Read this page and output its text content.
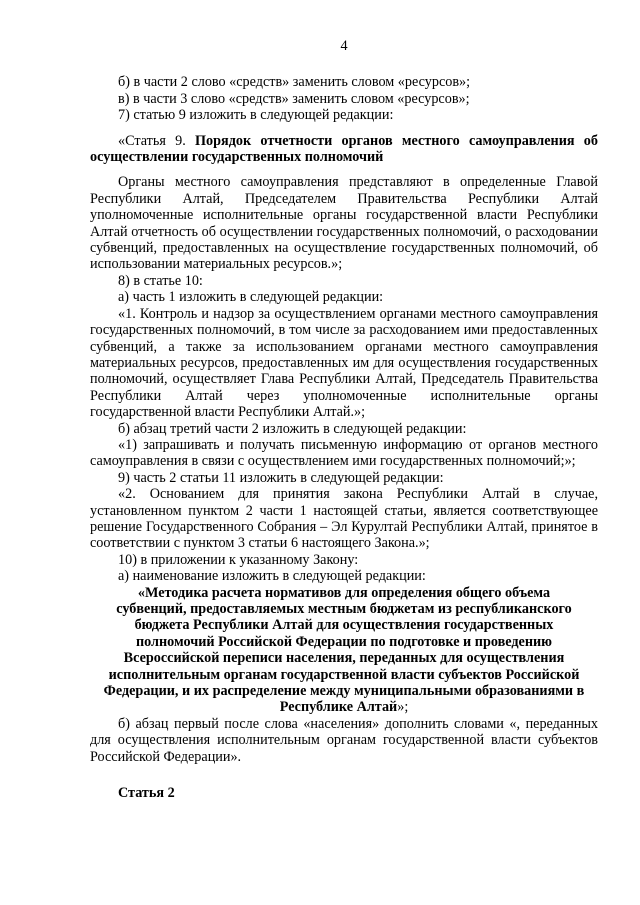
4

б) в части 2 слово «средств» заменить словом «ресурсов»;

в) в части 3 слово «средств» заменить словом «ресурсов»;

7) статью 9 изложить в следующей редакции:

«Статья 9. Порядок отчетности органов местного самоуправления об осуществлении государственных полномочий

Органы местного самоуправления представляют в определенные Главой Республики Алтай, Председателем Правительства Республики Алтай уполномоченные исполнительные органы государственной власти Республики Алтай отчетность об осуществлении государственных полномочий, о расходовании субвенций, предоставленных на осуществление государственных полномочий, об использовании материальных ресурсов.»;

8) в статье 10:

а) часть 1 изложить в следующей редакции:

«1. Контроль и надзор за осуществлением органами местного самоуправления государственных полномочий, в том числе за расходованием ими предоставленных субвенций, а также за использованием органами местного самоуправления материальных ресурсов, предоставленных им для осуществления государственных полномочий, осуществляет Глава Республики Алтай, Председатель Правительства Республики Алтай через уполномоченные исполнительные органы государственной власти Республики Алтай.»;

б) абзац третий части 2 изложить в следующей редакции:

«1) запрашивать и получать письменную информацию от органов местного самоуправления в связи с осуществлением ими государственных полномочий;»;

9) часть 2 статьи 11 изложить в следующей редакции:

«2. Основанием для принятия закона Республики Алтай в случае, установленном пунктом 2 части 1 настоящей статьи, является соответствующее решение Государственного Собрания – Эл Курултай Республики Алтай, принятое в соответствии с пунктом 3 статьи 6 настоящего Закона.»;

10) в приложении к указанному Закону:

а) наименование изложить в следующей редакции:

«Методика расчета нормативов для определения общего объема субвенций, предоставляемых местным бюджетам из республиканского бюджета Республики Алтай для осуществления государственных полномочий Российской Федерации по подготовке и проведению Всероссийской переписи населения, переданных для осуществления исполнительным органам государственной власти субъектов Российской Федерации, и их распределение между муниципальными образованиями в Республике Алтай»;

б) абзац первый после слова «населения» дополнить словами «, переданных для осуществления исполнительным органам государственной власти субъектов Российской Федерации».

Статья 2
